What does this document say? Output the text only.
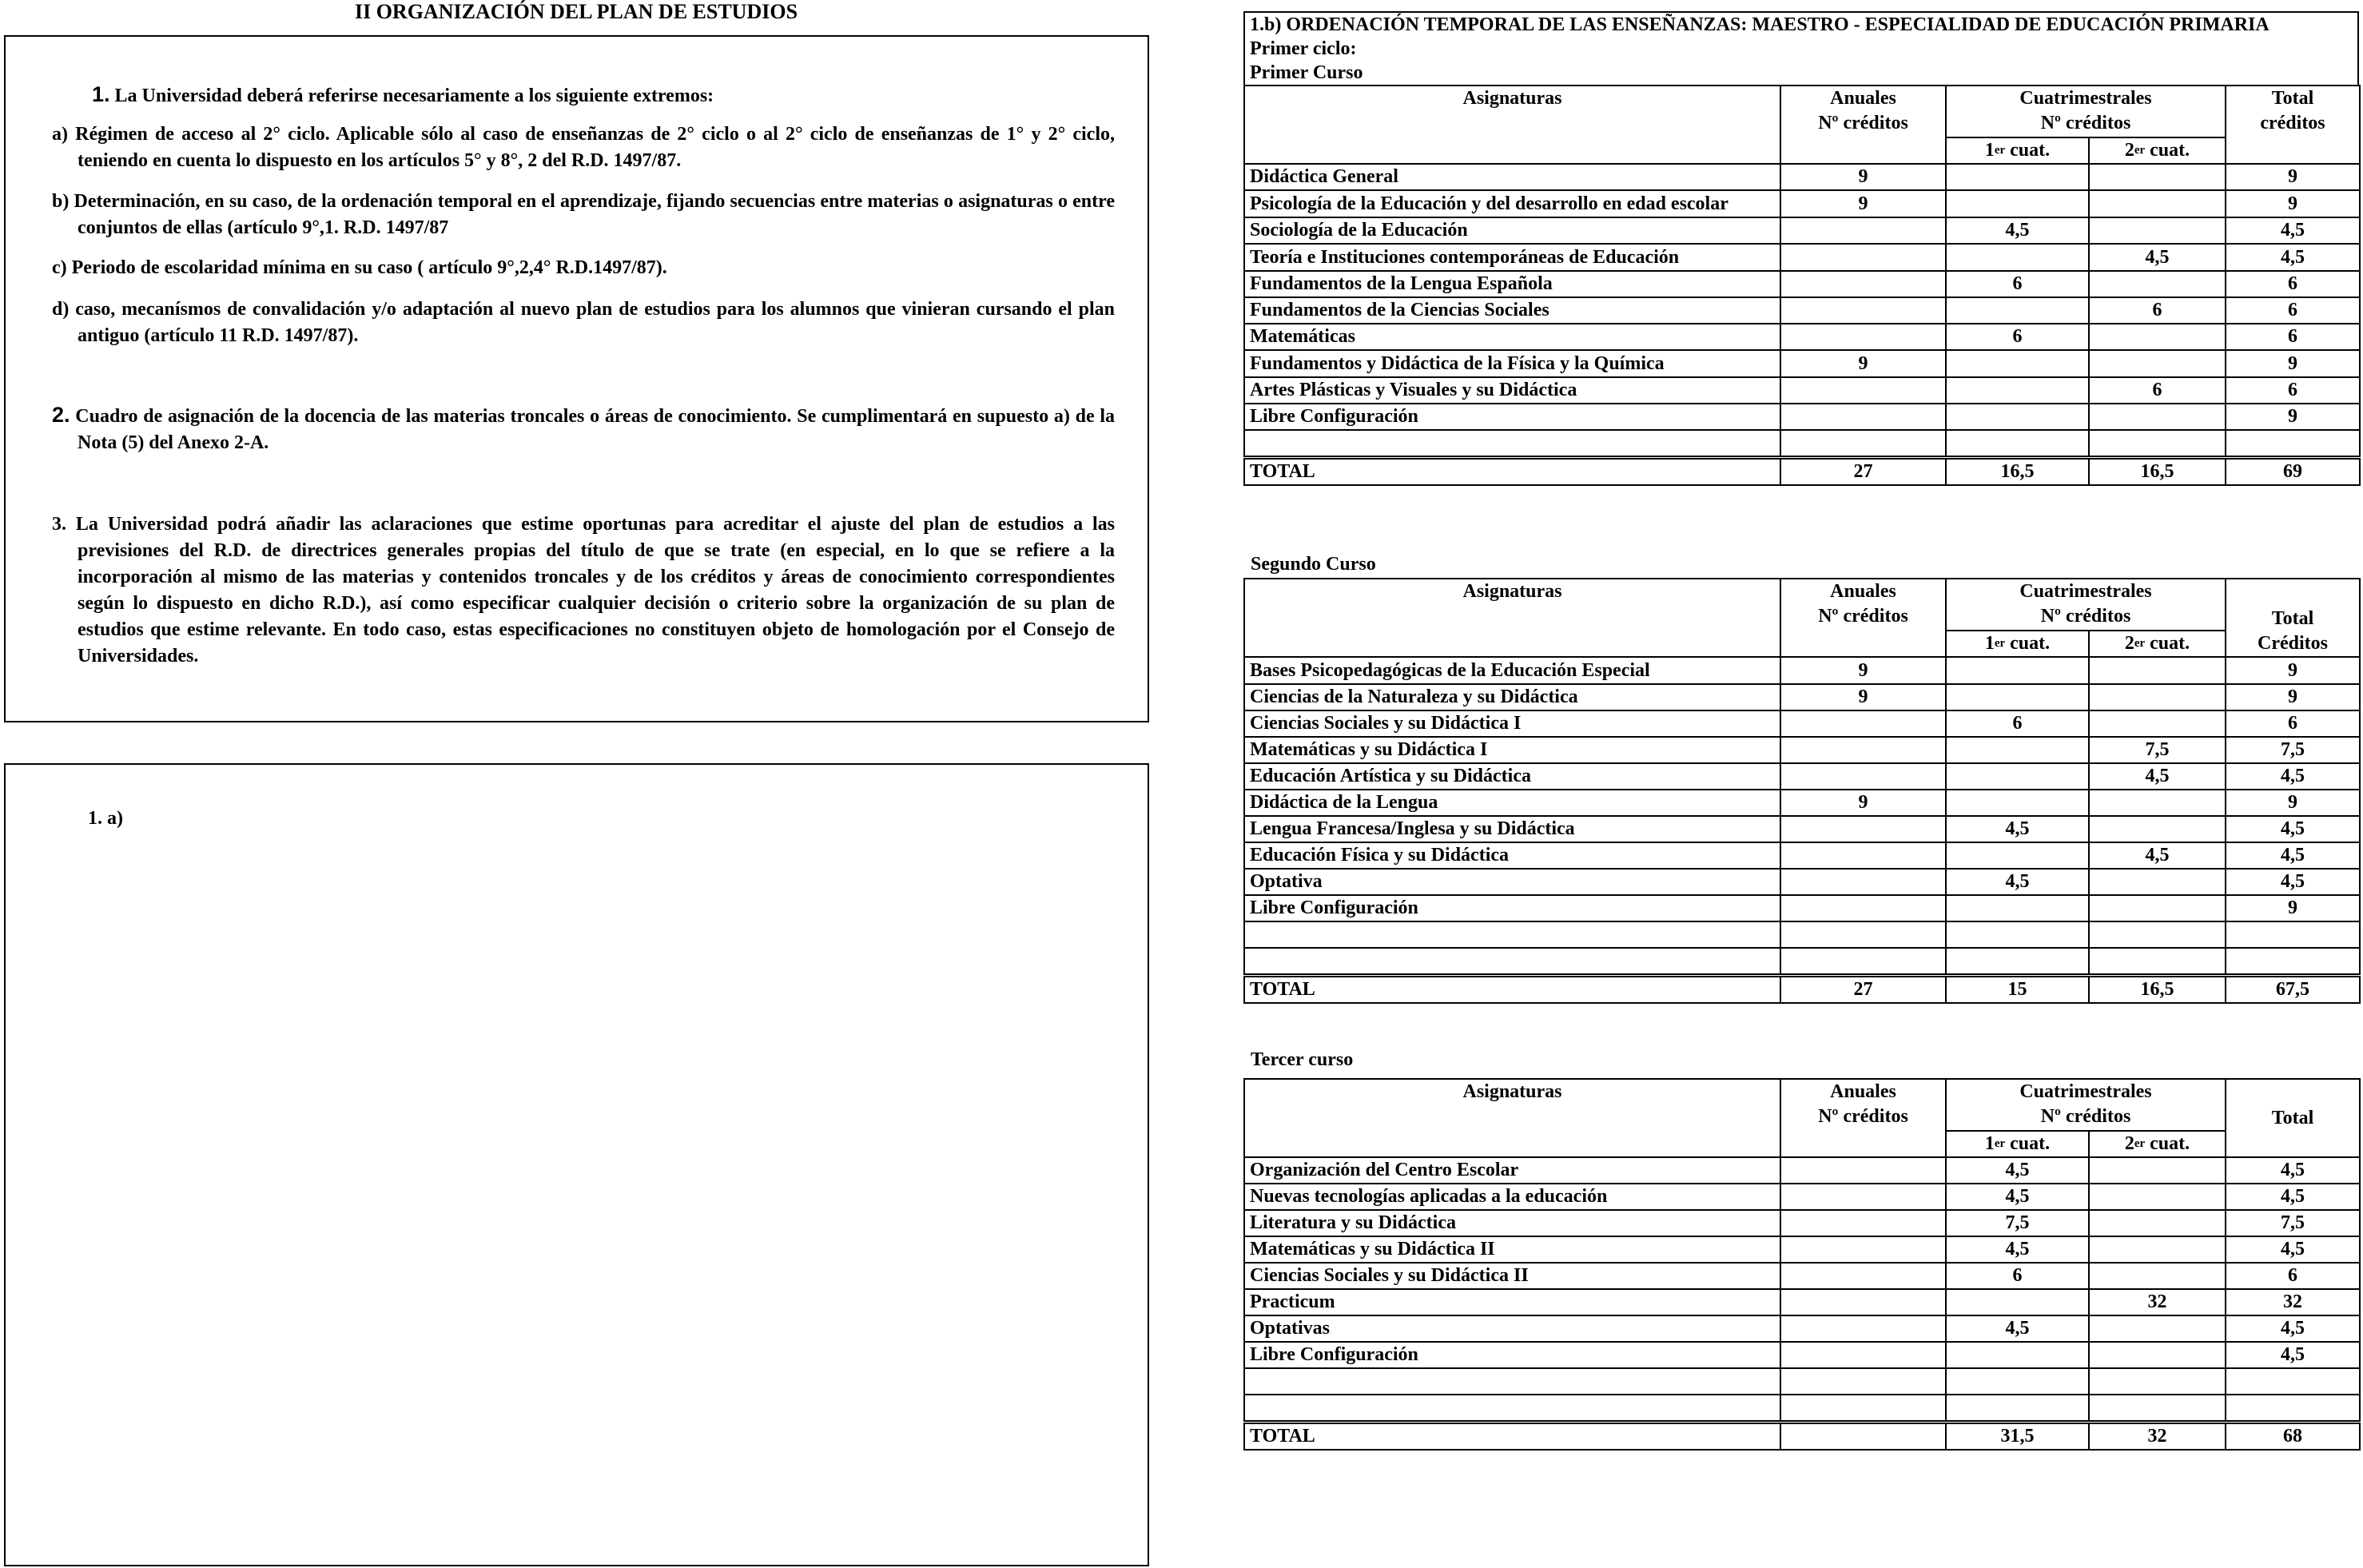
II ORGANIZACIÓN DEL PLAN DE ESTUDIOS
1. La Universidad deberá referirse necesariamente a los siguiente extremos:
a) Régimen de acceso al 2° ciclo. Aplicable sólo al caso de enseñanzas de 2° ciclo o al 2° ciclo de enseñanzas de 1° y 2° ciclo, teniendo en cuenta lo dispuesto en los artículos 5° y 8°, 2 del R.D. 1497/87.
b) Determinación, en su caso, de la ordenación temporal en el aprendizaje, fijando secuencias entre materias o asignaturas o entre conjuntos de ellas (artículo 9°,1. R.D. 1497/87
c) Periodo de escolaridad mínima en su caso ( artículo 9°,2,4° R.D.1497/87).
d) caso, mecanísmos de convalidación y/o adaptación al nuevo plan de estudios para los alumnos que vinieran cursando el plan antiguo (artículo 11 R.D. 1497/87).
2. Cuadro de asignación de la docencia de las materias troncales o áreas de conocimiento. Se cumplimentará en supuesto a) de la Nota (5) del Anexo 2-A.
3. La Universidad podrá añadir las aclaraciones que estime oportunas para acreditar el ajuste del plan de estudios a las previsiones del R.D. de directrices generales propias del título de que se trate (en especial, en lo que se refiere a la incorporación al mismo de las materias y contenidos troncales y de los créditos y áreas de conocimiento correspondientes según lo dispuesto en dicho R.D.), así como especificar cualquier decisión o criterio sobre la organización de su plan de estudios que estime relevante. En todo caso, estas especificaciones no constituyen objeto de homologación por el Consejo de Universidades.
1. a)
1.b) ORDENACIÓN TEMPORAL DE LAS ENSEÑANZAS: MAESTRO - ESPECIALIDAD DE EDUCACIÓN PRIMARIA
Primer ciclo:
Primer Curso
Asignaturas	Anuales
Nº créditos	Cuatrimestrales
Nº créditos		Total
créditos
		1er cuat.	2er cuat.	
Didáctica General	9			9
Psicología de la Educación y del desarrollo en edad escolar	9			9
Sociología de la Educación		4,5		4,5
Teoría e Instituciones contemporáneas de Educación			4,5	4,5
Fundamentos de la Lengua Española		6		6
Fundamentos de la Ciencias Sociales			6	6
Matemáticas		6		6
Fundamentos y Didáctica de la Física y la Química	9			9
Artes Plásticas y Visuales y su Didáctica			6	6
Libre Configuración				9

TOTAL	27	16,5	16,5	69
Segundo Curso
Asignaturas	Anuales
Nº créditos	Cuatrimestrales
Nº créditos		Total
Créditos
		1er cuat.	2er cuat.	
Bases Psicopedagógicas de la Educación Especial	9			9
Ciencias de la Naturaleza y su Didáctica	9			9
Ciencias Sociales y su Didáctica I		6		6
Matemáticas y su Didáctica I			7,5	7,5
Educación Artística y su Didáctica			4,5	4,5
Didáctica de la Lengua	9			9
Lengua Francesa/Inglesa y su Didáctica		4,5		4,5
Educación Física y su Didáctica			4,5	4,5
Optativa		4,5		4,5
Libre Configuración				9

TOTAL	27	15	16,5	67,5
Tercer curso
Asignaturas	Anuales
Nº créditos	Cuatrimestrales
Nº créditos		Total
		1er cuat.	2er cuat.	
Organización del Centro Escolar		4,5		4,5
Nuevas tecnologías aplicadas a la educación		4,5		4,5
Literatura y su Didáctica		7,5		7,5
Matemáticas y su Didáctica II		4,5		4,5
Ciencias Sociales y su Didáctica II		6		6
Practicum			32	32
Optativas		4,5		4,5
Libre Configuración				4,5

TOTAL		31,5	32	68
